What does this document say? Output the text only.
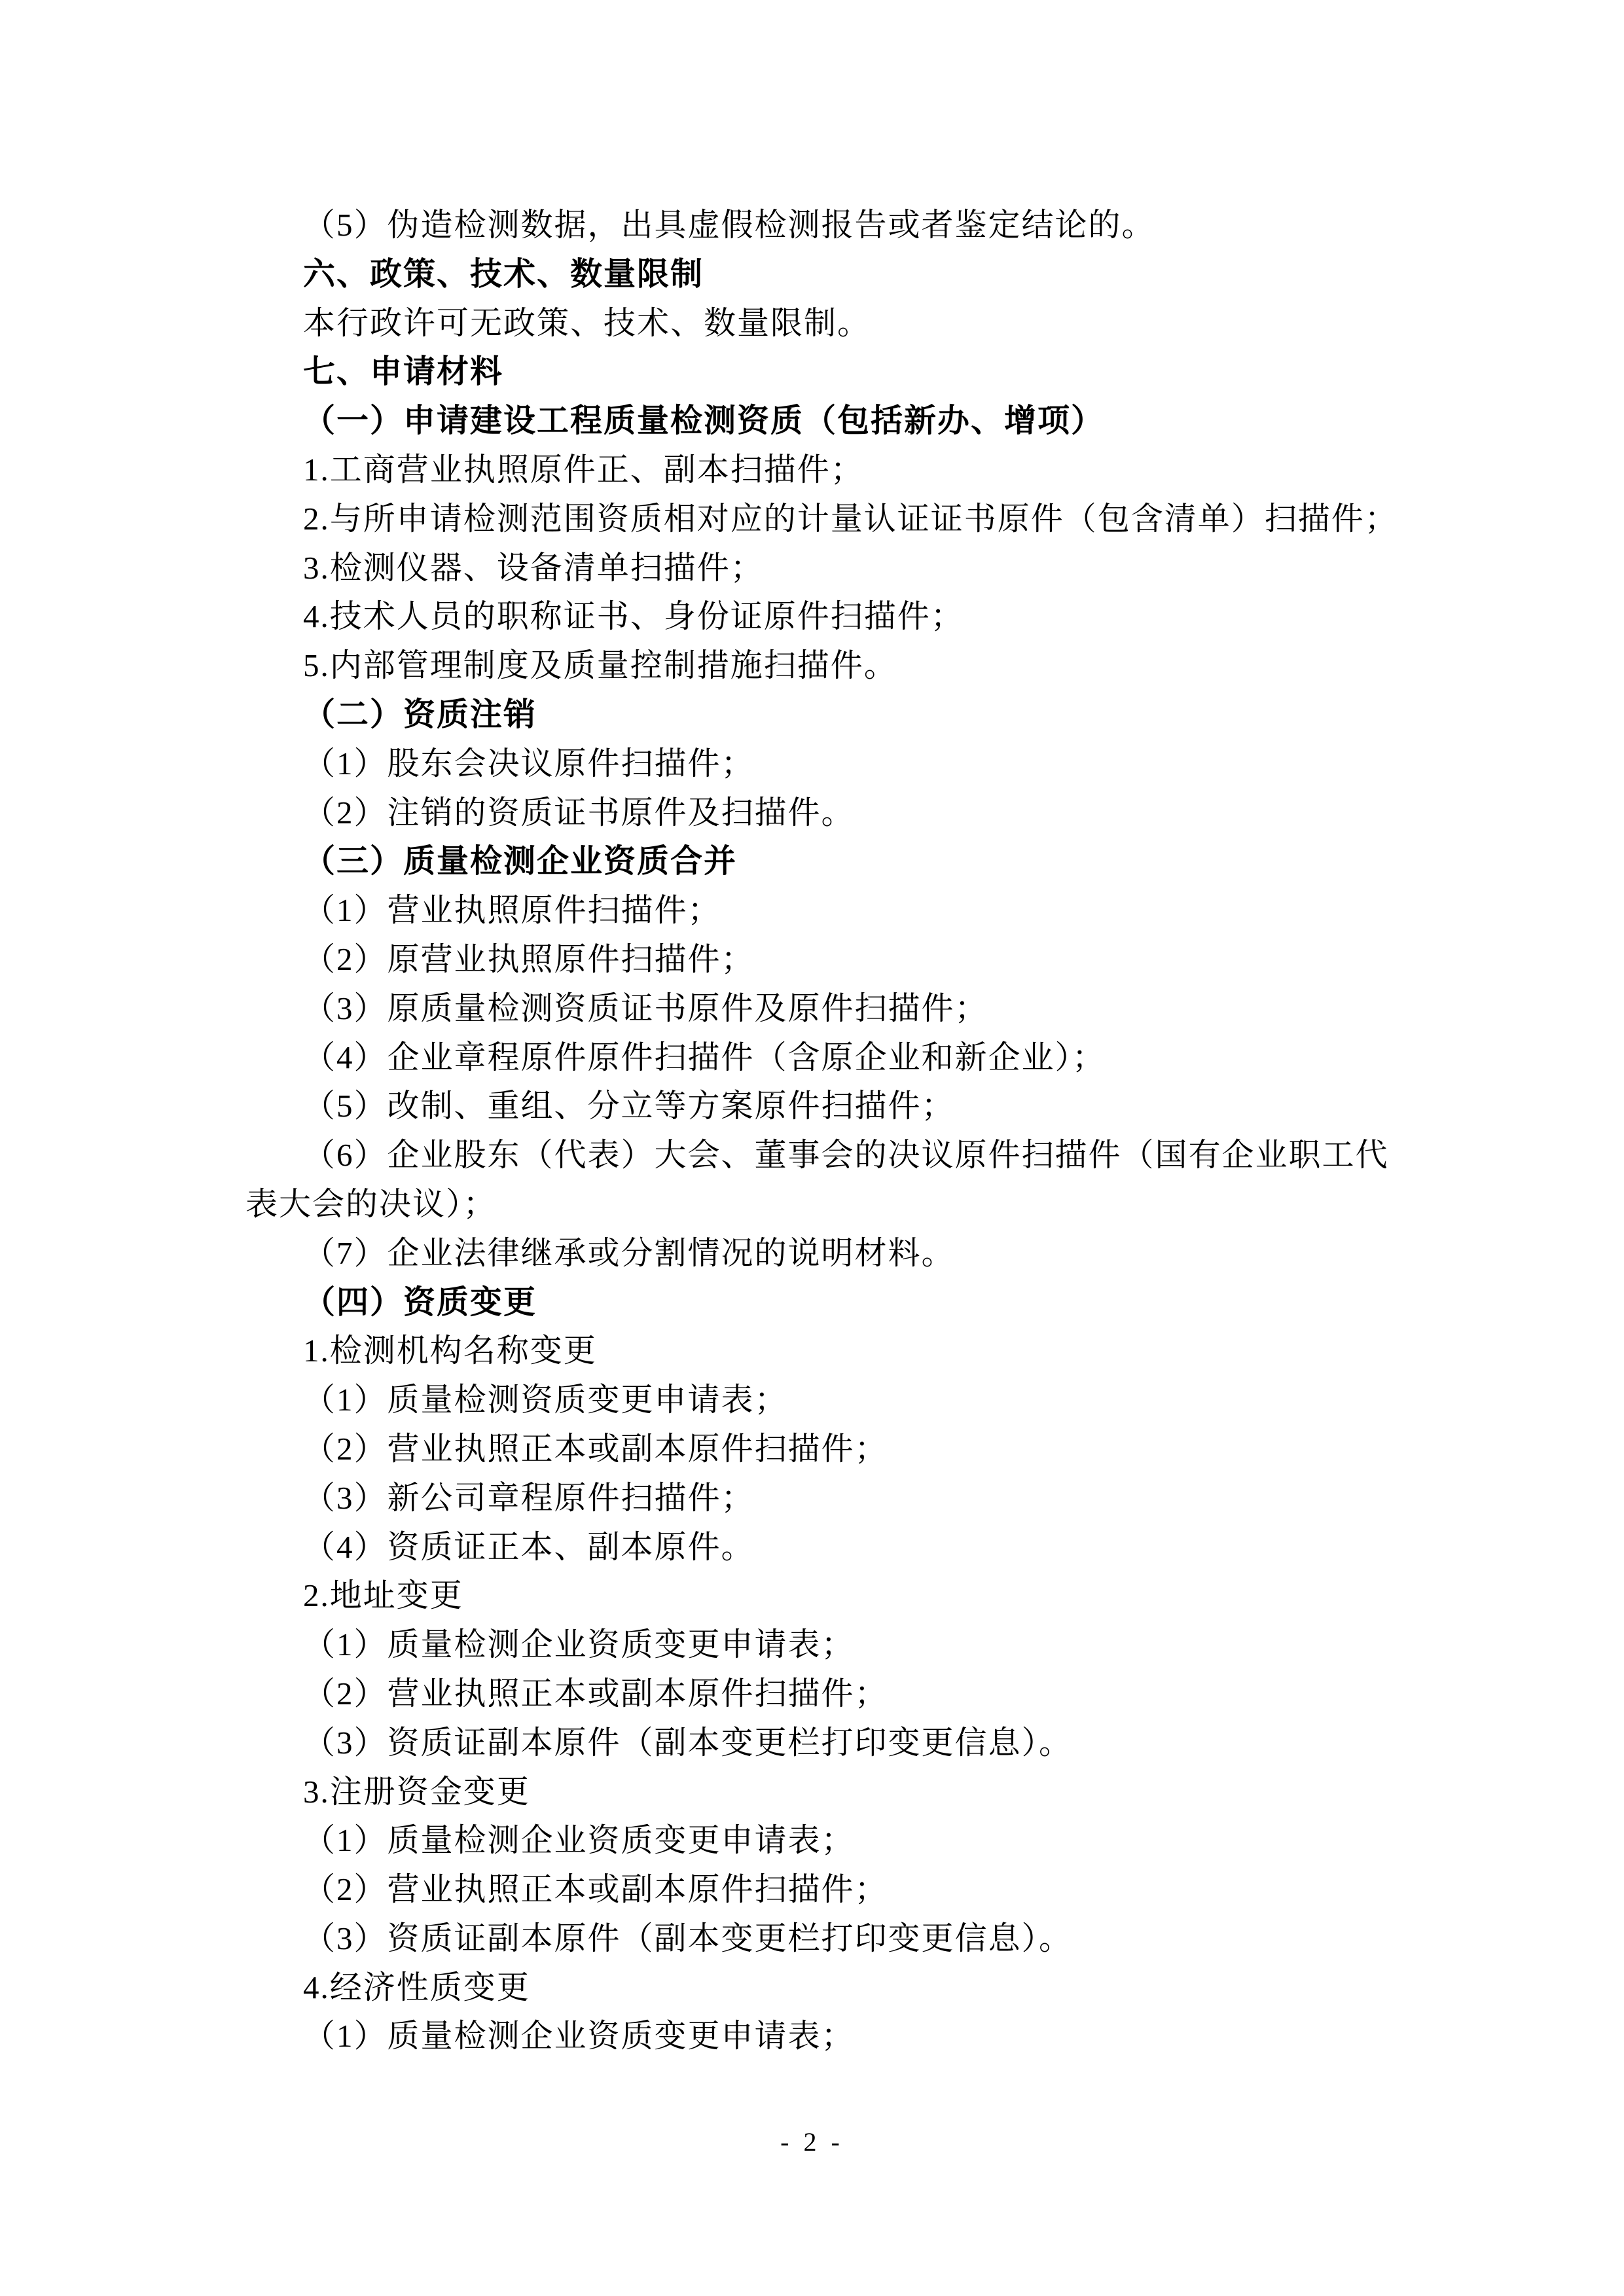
（5）伪造检测数据，出具虚假检测报告或者鉴定结论的。
六、政策、技术、数量限制
本行政许可无政策、技术、数量限制。
七、申请材料
（一）申请建设工程质量检测资质（包括新办、增项）
1.工商营业执照原件正、副本扫描件；
2.与所申请检测范围资质相对应的计量认证证书原件（包含清单）扫描件；
3.检测仪器、设备清单扫描件；
4.技术人员的职称证书、身份证原件扫描件；
5.内部管理制度及质量控制措施扫描件。
（二）资质注销
（1）股东会决议原件扫描件；
（2）注销的资质证书原件及扫描件。
（三）质量检测企业资质合并
（1）营业执照原件扫描件；
（2）原营业执照原件扫描件；
（3）原质量检测资质证书原件及原件扫描件；
（4）企业章程原件原件扫描件（含原企业和新企业）；
（5）改制、重组、分立等方案原件扫描件；
（6）企业股东（代表）大会、董事会的决议原件扫描件（国有企业职工代
表大会的决议）；
（7）企业法律继承或分割情况的说明材料。
（四）资质变更
1.检测机构名称变更
（1）质量检测资质变更申请表；
（2）营业执照正本或副本原件扫描件；
（3）新公司章程原件扫描件；
（4）资质证正本、副本原件。
2.地址变更
（1）质量检测企业资质变更申请表；
（2）营业执照正本或副本原件扫描件；
（3）资质证副本原件（副本变更栏打印变更信息）。
3.注册资金变更
（1）质量检测企业资质变更申请表；
（2）营业执照正本或副本原件扫描件；
（3）资质证副本原件（副本变更栏打印变更信息）。
4.经济性质变更
（1）质量检测企业资质变更申请表；
- 2 -
